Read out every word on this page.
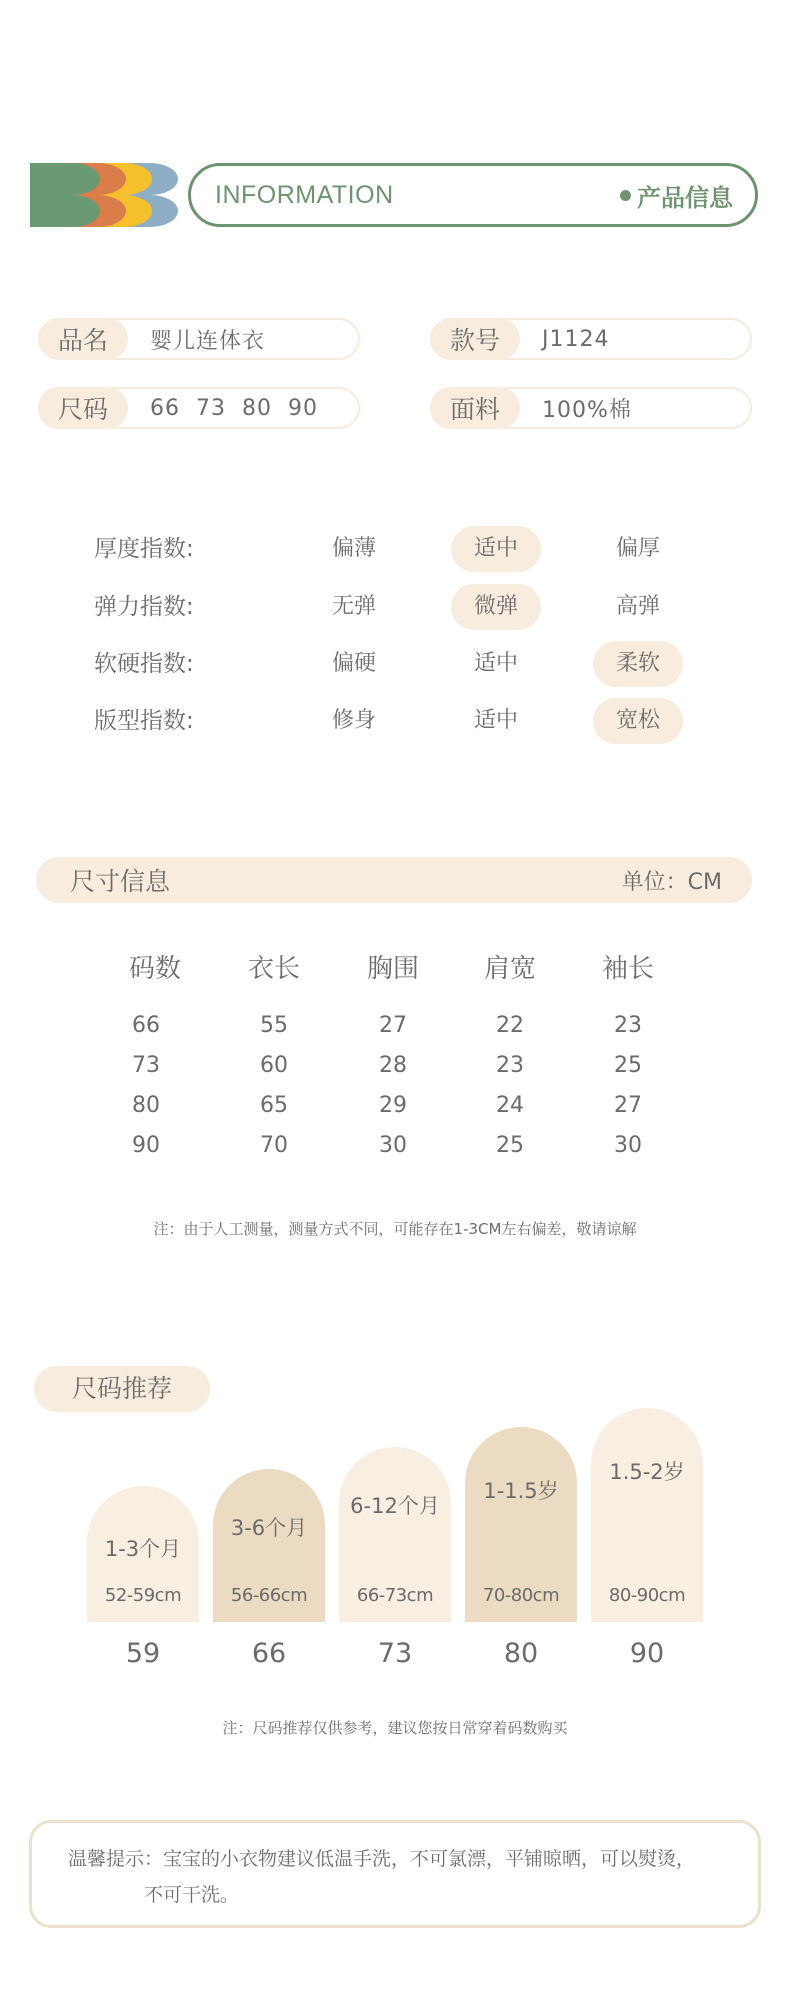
INFORMATION	产品信息
品名	婴儿连体衣	款号	J1124
尺码	66  73  80  90	面料	100%棉
厚度指数:	偏薄	适中	偏厚
弹力指数:	无弹	微弹	高弹
软硬指数:	偏硬	适中	柔软
版型指数:	修身	适中	宽松
尺寸信息	单位：CM
码数	衣长	胸围	肩宽	袖长
66	55	27	22	23
73	60	28	23	25
80	65	29	24	27
90	70	30	25	30
注：由于人工测量，测量方式不同，可能存在1-3CM左右偏差，敬请谅解
尺码推荐
1-3个月
52-59cm
3-6个月
56-66cm
6-12个月
66-73cm
1-1.5岁
70-80cm
1.5-2岁
80-90cm
59	66	73	80	90
注：尺码推荐仅供参考，建议您按日常穿着码数购买
温馨提示：宝宝的小衣物建议低温手洗，不可氯漂，平铺晾晒，可以熨烫，
不可干洗。
